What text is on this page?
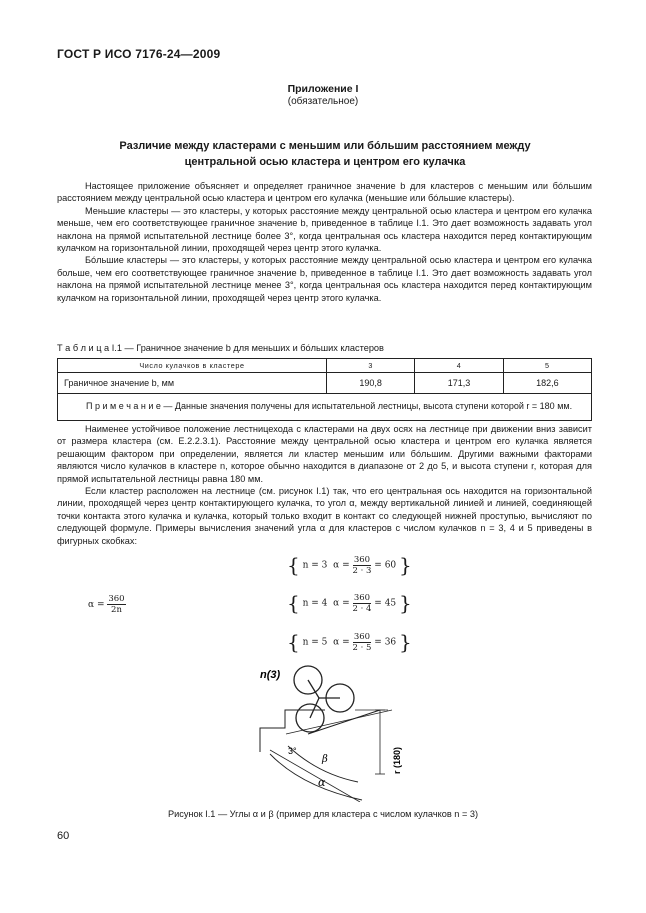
ГОСТ Р ИСО 7176-24—2009
Приложение I
(обязательное)
Различие между кластерами с меньшим или бóльшим расстоянием между
центральной осью кластера и центром его кулачка

Настоящее приложение объясняет и определяет граничное значение b для кластеров с меньшим или бóльшим расстоянием между центральной осью кластера и центром его кулачка (меньшие или бóльшие кластеры).

Меньшие кластеры — это кластеры, у которых расстояние между центральной осью кластера и центром его кулачка меньше, чем его соответствующее граничное значение b, приведенное в таблице I.1. Это дает возможность задавать угол наклона на прямой испытательной лестнице более 3°, когда центральная ось кластера находится перед контактирующим кулачком на горизонтальной линии, проходящей через центр этого кулачка.

Бóльшие кластеры — это кластеры, у которых расстояние между центральной осью кластера и центром его кулачка больше, чем его соответствующее граничное значение b, приведенное в таблице I.1. Это дает возможность задавать угол наклона на прямой испытательной лестнице менее 3°, когда центральная ось кластера находится перед контактирующим кулачком на горизонтальной линии, проходящей через центр этого кулачка.

Т а б л и ц а I.1 — Граничное значение b для меньших и бóльших кластеров
Число кулачков в кластере	3	4	5
Граничное значение b, мм	190,8	171,3	182,6
П р и м е ч а н и е — Данные значения получены для испытательной лестницы, высота ступени которой r = 180 мм.			

Наименее устойчивое положение лестницехода с кластерами на двух осях на лестнице при движении вниз зависит от размера кластера (см. Е.2.2.3.1). Расстояние между центральной осью кластера и центром его кулачка является решающим фактором при определении, является ли кластер меньшим или бóльшим. Другими важными факторами являются число кулачков в кластере n, которое обычно находится в диапазоне от 2 до 5, и высота ступени r, которая для прямой испытательной лестницы равна 180 мм.

Если кластер расположен на лестнице (см. рисунок I.1) так, что его центральная ось находится на горизонтальной линии, проходящей через центр контактирующего кулачка, то угол α, между вертикальной линией и линией, соединяющей точки контакта этого кулачка и кулачка, который только входит в контакт со следующей нижней проступью, вычисляют по следующей формуле. Примеры вычисления значений угла α для кластеров с числом кулачков n = 3, 4 и 5 приведены в фигурных скобках:

$\alpha = \frac{360}{2n}$
{ n = 3 $\alpha = \frac{360}{2 \cdot 3} = 60$ }
{ n = 4 $\alpha = \frac{360}{2 \cdot 4} = 45$ }
{ n = 5 $\alpha = \frac{360}{2 \cdot 5} = 36$ }
n(3)
3°
β
α
r (180)
Рисунок I.1 — Углы α и β (пример для кластера с числом кулачков n = 3)
60
